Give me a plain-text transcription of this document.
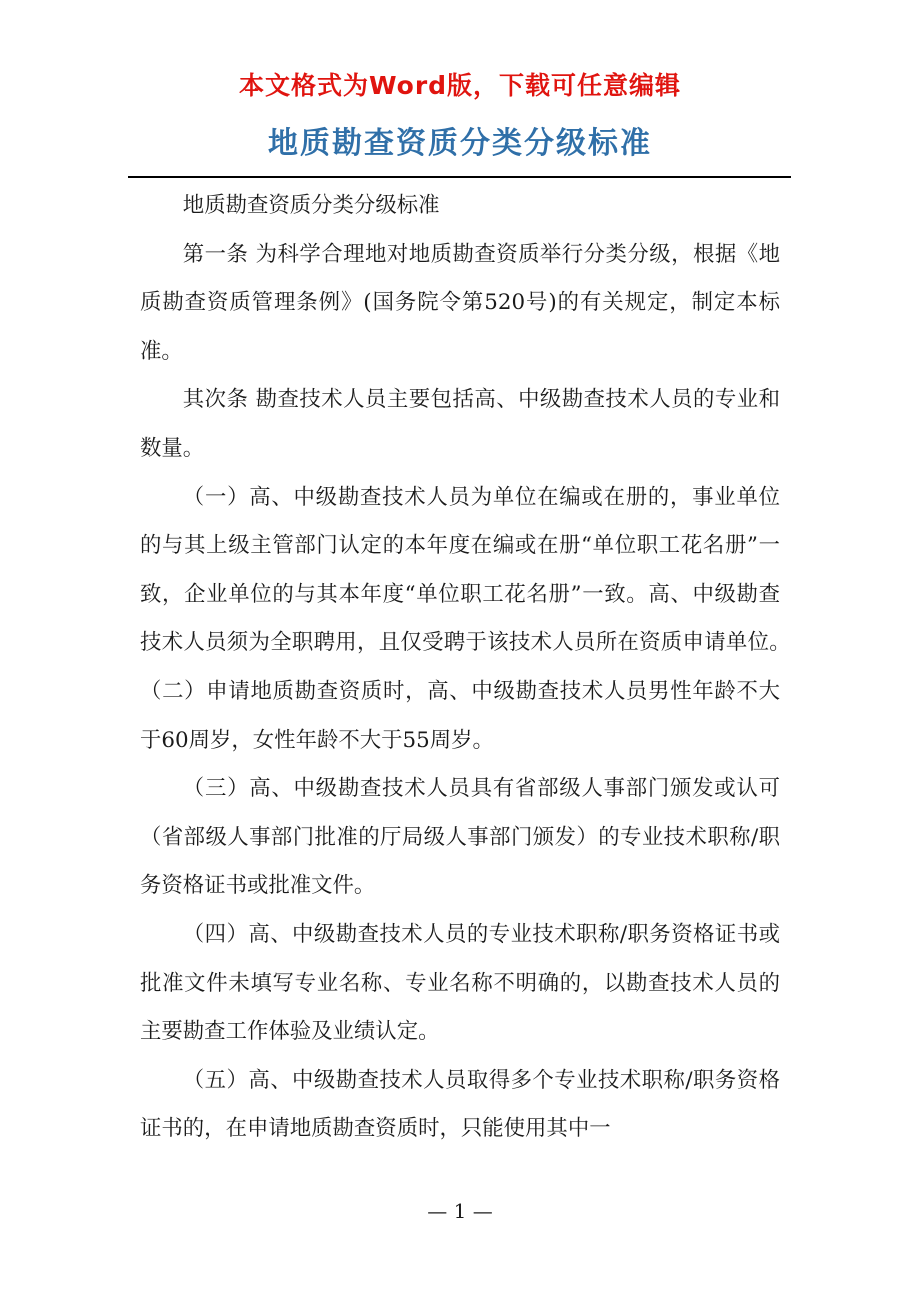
本文格式为Word版，下载可任意编辑
地质勘查资质分类分级标准

地质勘查资质分类分级标准

第一条 为科学合理地对地质勘查资质举行分类分级，根据《地质勘查资质管理条例》(国务院令第520号)的有关规定，制定本标准。

其次条 勘查技术人员主要包括高、中级勘查技术人员的专业和数量。

（一）高、中级勘查技术人员为单位在编或在册的，事业单位的与其上级主管部门认定的本年度在编或在册“单位职工花名册”一致，企业单位的与其本年度“单位职工花名册”一致。高、中级勘查技术人员须为全职聘用，且仅受聘于该技术人员所在资质申请单位。　　（二）申请地质勘查资质时，高、中级勘查技术人员男性年龄不大于60周岁，女性年龄不大于55周岁。

（三）高、中级勘查技术人员具有省部级人事部门颁发或认可（省部级人事部门批准的厅局级人事部门颁发）的专业技术职称/职务资格证书或批准文件。

（四）高、中级勘查技术人员的专业技术职称/职务资格证书或批准文件未填写专业名称、专业名称不明确的，以勘查技术人员的主要勘查工作体验及业绩认定。

（五）高、中级勘查技术人员取得多个专业技术职称/职务资格证书的，在申请地质勘查资质时，只能使用其中一

— 1 —
